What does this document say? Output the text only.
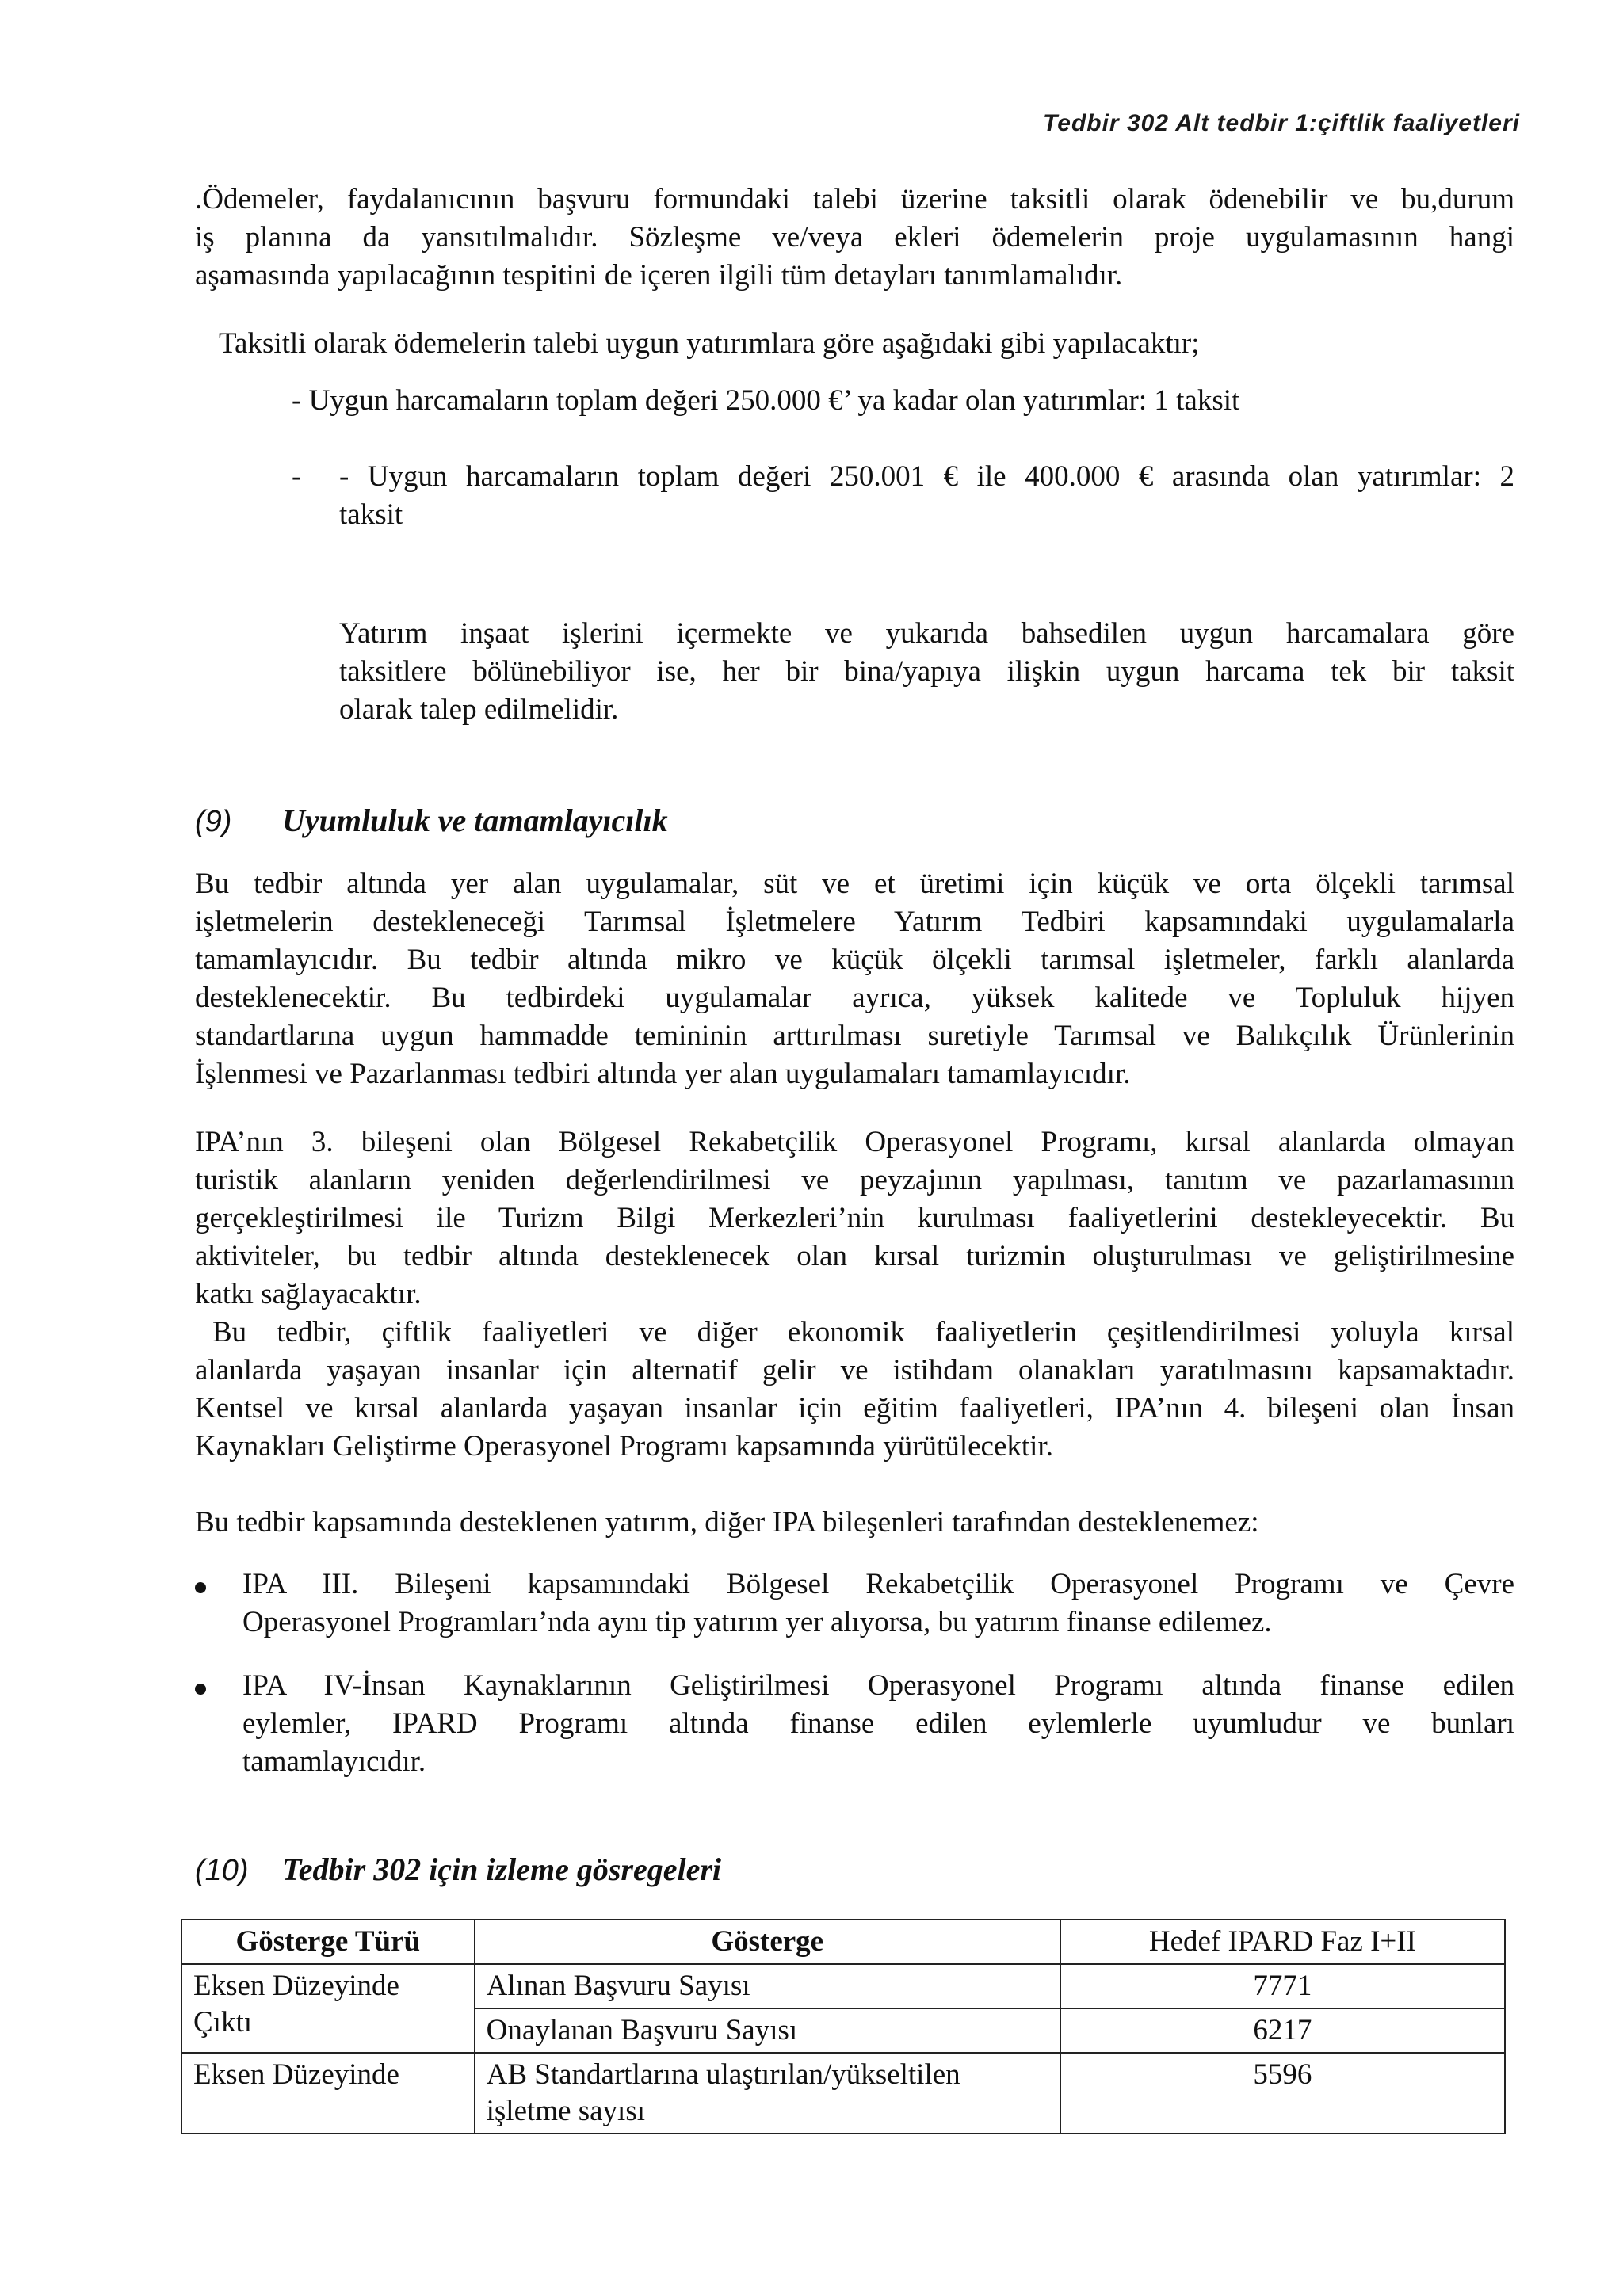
Tedbir 302 Alt tedbir 1:çiftlik faaliyetleri
.Ödemeler, faydalanıcının başvuru formundaki talebi üzerine taksitli olarak ödenebilir ve bu,durum
iş planına da yansıtılmalıdır. Sözleşme ve/veya ekleri ödemelerin proje uygulamasının hangi
aşamasında yapılacağının tespitini de içeren ilgili tüm detayları tanımlamalıdır.
Taksitli olarak ödemelerin talebi uygun yatırımlara göre aşağıdaki gibi yapılacaktır;
- Uygun harcamaların toplam değeri 250.000 €’ ya kadar olan yatırımlar: 1 taksit
- - Uygun harcamaların toplam değeri 250.001 € ile 400.000 € arasında olan yatırımlar: 2
taksit
Yatırım inşaat işlerini içermekte ve yukarıda bahsedilen uygun harcamalara göre
taksitlere bölünebiliyor ise, her bir bina/yapıya ilişkin uygun harcama tek bir taksit
olarak talep edilmelidir.
(9) Uyumluluk ve tamamlayıcılık
Bu tedbir altında yer alan uygulamalar, süt ve et üretimi için küçük ve orta ölçekli tarımsal
işletmelerin destekleneceği Tarımsal İşletmelere Yatırım Tedbiri kapsamındaki uygulamalarla
tamamlayıcıdır. Bu tedbir altında mikro ve küçük ölçekli tarımsal işletmeler, farklı alanlarda
desteklenecektir. Bu tedbirdeki uygulamalar ayrıca, yüksek kalitede ve Topluluk hijyen
standartlarına uygun hammadde temininin arttırılması suretiyle Tarımsal ve Balıkçılık Ürünlerinin
İşlenmesi ve Pazarlanması tedbiri altında yer alan uygulamaları tamamlayıcıdır.
IPA’nın 3. bileşeni olan Bölgesel Rekabetçilik Operasyonel Programı, kırsal alanlarda olmayan
turistik alanların yeniden değerlendirilmesi ve peyzajının yapılması, tanıtım ve pazarlamasının
gerçekleştirilmesi ile Turizm Bilgi Merkezleri’nin kurulması faaliyetlerini destekleyecektir. Bu
aktiviteler, bu tedbir altında desteklenecek olan kırsal turizmin oluşturulması ve geliştirilmesine
katkı sağlayacaktır.
Bu tedbir, çiftlik faaliyetleri ve diğer ekonomik faaliyetlerin çeşitlendirilmesi yoluyla kırsal
alanlarda yaşayan insanlar için alternatif gelir ve istihdam olanakları yaratılmasını kapsamaktadır.
Kentsel ve kırsal alanlarda yaşayan insanlar için eğitim faaliyetleri, IPA’nın 4. bileşeni olan İnsan
Kaynakları Geliştirme Operasyonel Programı kapsamında yürütülecektir.
Bu tedbir kapsamında desteklenen yatırım, diğer IPA bileşenleri tarafından desteklenemez:
IPA III. Bileşeni kapsamındaki Bölgesel Rekabetçilik Operasyonel Programı ve Çevre
Operasyonel Programları’nda aynı tip yatırım yer alıyorsa, bu yatırım finanse edilemez.
IPA IV-İnsan Kaynaklarının Geliştirilmesi Operasyonel Programı altında finanse edilen
eylemler, IPARD Programı altında finanse edilen eylemlerle uyumludur ve bunları
tamamlayıcıdır.
(10) Tedbir 302 için izleme gösregeleri
Gösterge Türü	Gösterge	Hedef IPARD Faz I+II
Eksen Düzeyinde Çıktı	Alınan Başvuru Sayısı	7771
	Onaylanan Başvuru Sayısı	6217
Eksen Düzeyinde	AB Standartlarına ulaştırılan/yükseltilen işletme sayısı	5596
